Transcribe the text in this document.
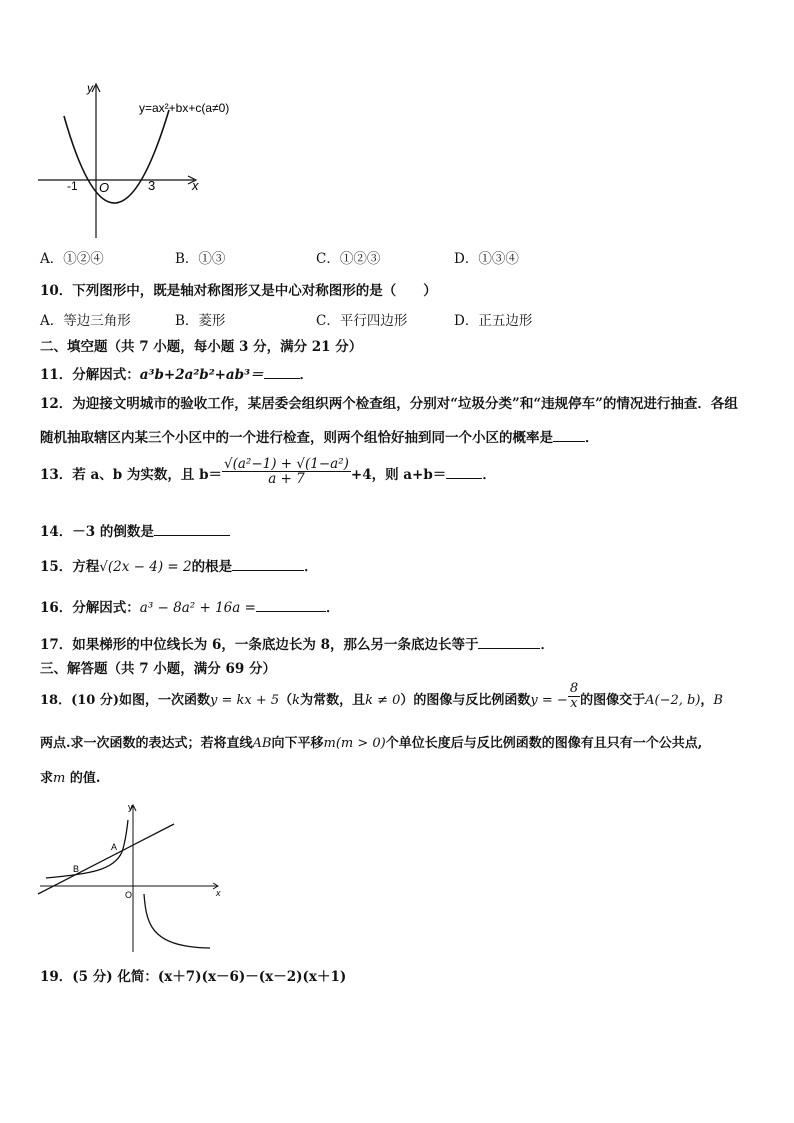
y
x
O
-1	3
y=ax²+bx+c(a≠0)
A．①②④	B．①③	C．①②③	D．①③④
10．下列图形中，既是轴对称图形又是中心对称图形的是（　　）
A．等边三角形	B．菱形	C．平行四边形	D．正五边形
二、填空题（共 7 小题，每小题 3 分，满分 21 分）
11．分解因式：a³b+2a²b²+ab³＝	．
12．为迎接文明城市的验收工作，某居委会组织两个检查组，分别对“垃圾分类”和“违规停车”的情况进行抽查．各组
随机抽取辖区内某三个小区中的一个进行检查，则两个组恰好抽到同一个小区的概率是 ．
13．若 a、b 为实数，且 $b= \frac{\text{√(a²−1) + √(1−a²)}}{a + 7} +4$，则 a+b＝	．
14．－3 的倒数是
15．方程√(2x − 4) = 2的根是	．
16．分解因式：a³ − 8a² + 16a =	．
17．如果梯形的中位线长为 6，一条底边长为 8，那么另一条底边长等于	．
三、解答题（共 7 小题，满分 69 分）
18．(10 分)如图，一次函数y = kx + 5（k为常数，且k ≠ 0）的图像与反比例函数y = − $\frac{8}{x}$ 的图像交于A(−2, b)，B
两点.求一次函数的表达式；若将直线AB向下平移m(m > 0)个单位长度后与反比例函数的图像有且只有一个公共点,
求m 的值.
y
x
O
A
B
19．(5 分) 化简：(x＋7)(x－6)－(x－2)(x＋1)
